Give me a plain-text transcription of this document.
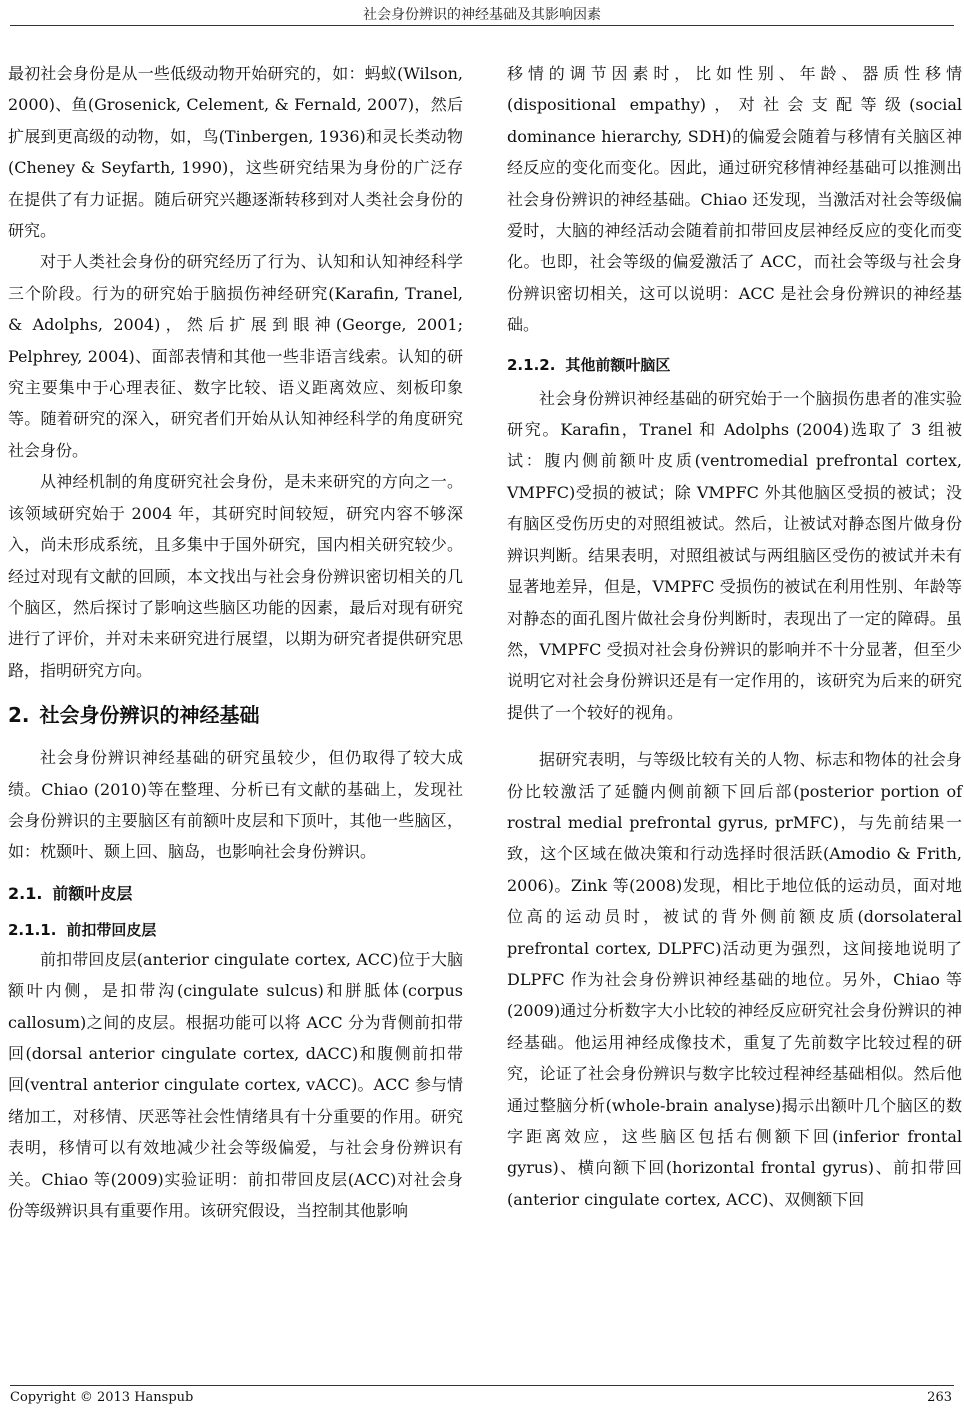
社会身份辨识的神经基础及其影响因素

最初社会身份是从一些低级动物开始研究的，如：蚂蚁(Wilson, 2000)、鱼(Grosenick, Celement, & Fernald, 2007)，然后扩展到更高级的动物，如，鸟(Tinbergen, 1936)和灵长类动物(Cheney & Seyfarth, 1990)，这些研究结果为身份的广泛存在提供了有力证据。随后研究兴趣逐渐转移到对人类社会身份的研究。

对于人类社会身份的研究经历了行为、认知和认知神经科学三个阶段。行为的研究始于脑损伤神经研究(Karafin, Tranel, & Adolphs, 2004)，然后扩展到眼神(George, 2001; Pelphrey, 2004)、面部表情和其他一些非语言线索。认知的研究主要集中于心理表征、数字比较、语义距离效应、刻板印象等。随着研究的深入，研究者们开始从认知神经科学的角度研究社会身份。

从神经机制的角度研究社会身份，是未来研究的方向之一。该领域研究始于 2004 年，其研究时间较短，研究内容不够深入，尚未形成系统，且多集中于国外研究，国内相关研究较少。经过对现有文献的回顾，本文找出与社会身份辨识密切相关的几个脑区，然后探讨了影响这些脑区功能的因素，最后对现有研究进行了评价，并对未来研究进行展望，以期为研究者提供研究思路，指明研究方向。

2. 社会身份辨识的神经基础

社会身份辨识神经基础的研究虽较少，但仍取得了较大成绩。Chiao (2010)等在整理、分析已有文献的基础上，发现社会身份辨识的主要脑区有前额叶皮层和下顶叶，其他一些脑区，如：枕颞叶、颞上回、脑岛，也影响社会身份辨识。

2.1. 前额叶皮层
2.1.1. 前扣带回皮层

前扣带回皮层(anterior cingulate cortex, ACC)位于大脑额叶内侧，是扣带沟(cingulate sulcus)和胼胝体(corpus callosum)之间的皮层。根据功能可以将 ACC 分为背侧前扣带回(dorsal anterior cingulate cortex, dACC)和腹侧前扣带回(ventral anterior cingulate cortex, vACC)。ACC 参与情绪加工，对移情、厌恶等社会性情绪具有十分重要的作用。研究表明，移情可以有效地减少社会等级偏爱，与社会身份辨识有关。Chiao 等(2009)实验证明：前扣带回皮层(ACC)对社会身份等级辨识具有重要作用。该研究假设，当控制其他影响

移情的调节因素时，比如性别、年龄、器质性移情(dispositional empathy)，对社会支配等级(social dominance hierarchy, SDH)的偏爱会随着与移情有关脑区神经反应的变化而变化。因此，通过研究移情神经基础可以推测出社会身份辨识的神经基础。Chiao 还发现，当激活对社会等级偏爱时，大脑的神经活动会随着前扣带回皮层神经反应的变化而变化。也即，社会等级的偏爱激活了 ACC，而社会等级与社会身份辨识密切相关，这可以说明：ACC 是社会身份辨识的神经基础。

2.1.2. 其他前额叶脑区

社会身份辨识神经基础的研究始于一个脑损伤患者的准实验研究。Karafin，Tranel 和 Adolphs (2004)选取了 3 组被试：腹内侧前额叶皮质(ventromedial prefrontal cortex, VMPFC)受损的被试；除 VMPFC 外其他脑区受损的被试；没有脑区受伤历史的对照组被试。然后，让被试对静态图片做身份辨识判断。结果表明，对照组被试与两组脑区受伤的被试并未有显著地差异，但是，VMPFC 受损伤的被试在利用性别、年龄等对静态的面孔图片做社会身份判断时，表现出了一定的障碍。虽然，VMPFC 受损对社会身份辨识的影响并不十分显著，但至少说明它对社会身份辨识还是有一定作用的，该研究为后来的研究提供了一个较好的视角。

据研究表明，与等级比较有关的人物、标志和物体的社会身份比较激活了延髓内侧前额下回后部(posterior portion of rostral medial prefrontal gyrus, prMFC)，与先前结果一致，这个区域在做决策和行动选择时很活跃(Amodio & Frith, 2006)。Zink 等(2008)发现，相比于地位低的运动员，面对地位高的运动员时，被试的背外侧前额皮质(dorsolateral prefrontal cortex, DLPFC)活动更为强烈，这间接地说明了 DLPFC 作为社会身份辨识神经基础的地位。另外，Chiao 等(2009)通过分析数字大小比较的神经反应研究社会身份辨识的神经基础。他运用神经成像技术，重复了先前数字比较过程的研究，论证了社会身份辨识与数字比较过程神经基础相似。然后他通过整脑分析(whole-brain analyse)揭示出额叶几个脑区的数字距离效应，这些脑区包括右侧额下回(inferior frontal gyrus)、横向额下回(horizontal frontal gyrus)、前扣带回(anterior cingulate cortex, ACC)、双侧额下回

Copyright © 2013 Hanspub	263
